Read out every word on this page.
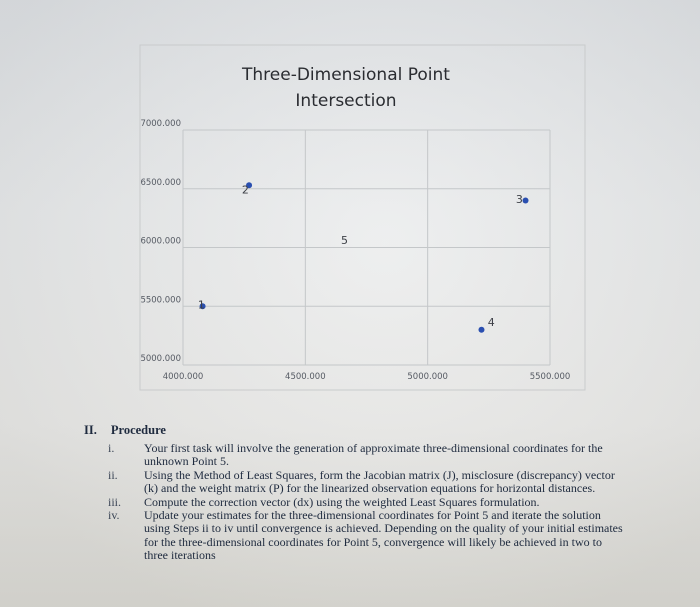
Three-Dimensional Point
Intersection
5000.000
5500.000
6000.000
6500.000
7000.000
4000.000	4500.000	5000.000	5500.000
1
2
3
4
5
II. Procedure
i.	Your first task will involve the generation of approximate three-dimensional coordinates for the unknown Point 5.
ii.	Using the Method of Least Squares, form the Jacobian matrix (J), misclosure (discrepancy) vector (k) and the weight matrix (P) for the linearized observation equations for horizontal distances.
iii.	Compute the correction vector (dx) using the weighted Least Squares formulation.
iv.	Update your estimates for the three-dimensional coordinates for Point 5 and iterate the solution using Steps ii to iv until convergence is achieved. Depending on the quality of your initial estimates for the three-dimensional coordinates for Point 5, convergence will likely be achieved in two to three iterations
